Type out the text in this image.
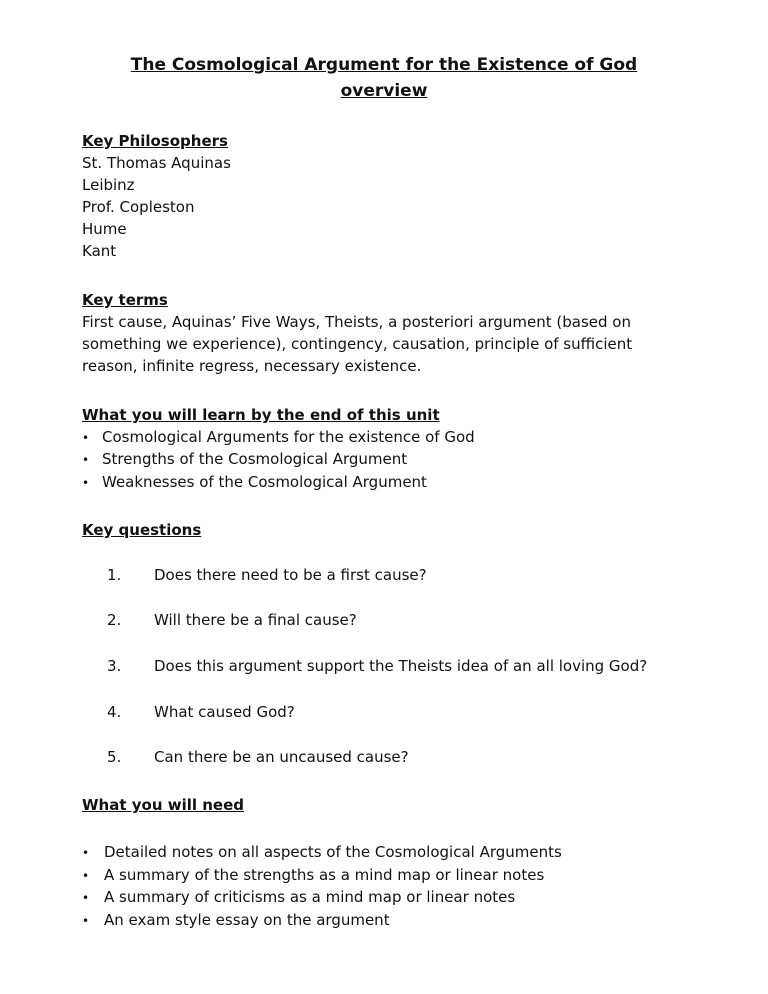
The Cosmological Argument for the Existence of God
overview
Key Philosophers
St. Thomas Aquinas
Leibinz
Prof. Copleston
Hume
Kant
Key terms
First cause, Aquinas’ Five Ways, Theists, a posteriori argument (based on
something we experience), contingency, causation, principle of sufficient
reason, infinite regress, necessary existence.
What you will learn by the end of this unit
• Cosmological Arguments for the existence of God
• Strengths of the Cosmological Argument
• Weaknesses of the Cosmological Argument
Key questions
1. Does there need to be a first cause?
2. Will there be a final cause?
3. Does this argument support the Theists idea of an all loving God?
4. What caused God?
5. Can there be an uncaused cause?
What you will need
• Detailed notes on all aspects of the Cosmological Arguments
• A summary of the strengths as a mind map or linear notes
• A summary of criticisms as a mind map or linear notes
• An exam style essay on the argument
